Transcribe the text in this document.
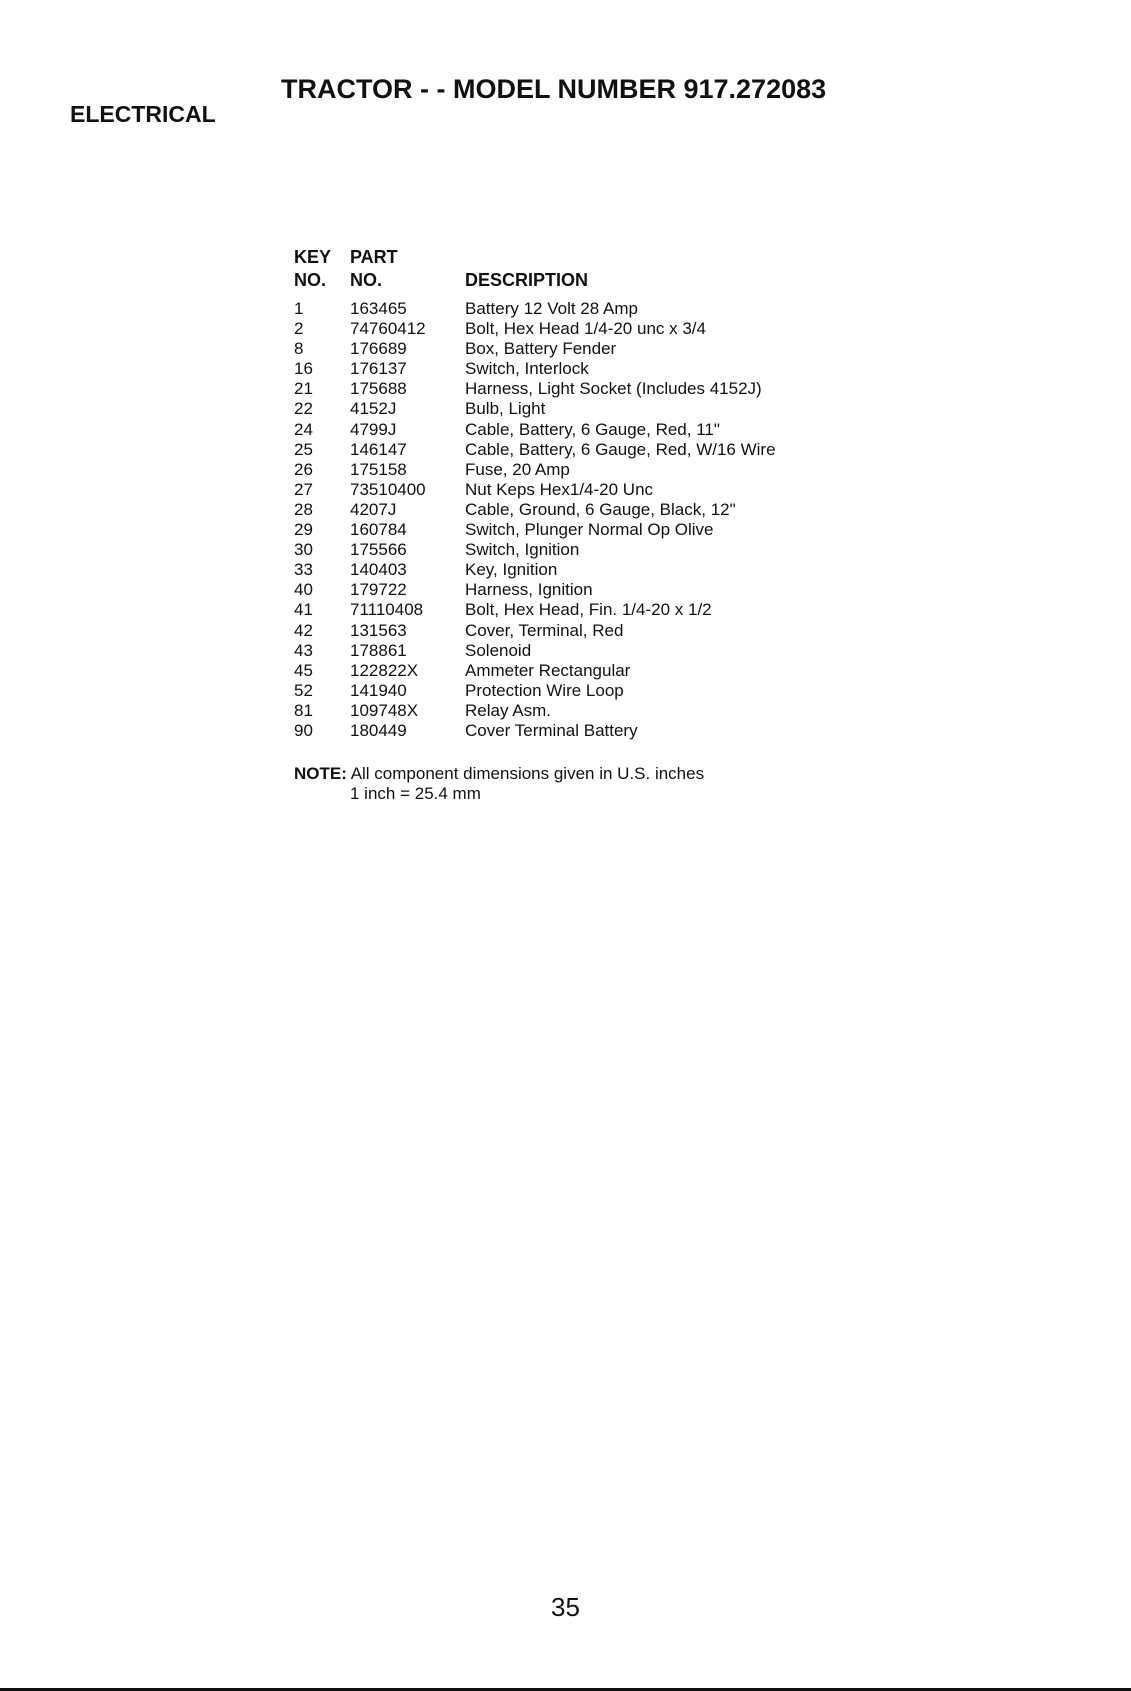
TRACTOR - - MODEL NUMBER 917.272083
ELECTRICAL
KEY	PART	
NO.	NO.	DESCRIPTION
1	163465	Battery 12 Volt 28 Amp
2	74760412	Bolt, Hex Head 1/4-20 unc x 3/4
8	176689	Box, Battery Fender
16	176137	Switch, Interlock
21	175688	Harness, Light Socket (Includes 4152J)
22	4152J	Bulb, Light
24	4799J	Cable, Battery, 6 Gauge, Red, 11"
25	146147	Cable, Battery, 6 Gauge, Red, W/16 Wire
26	175158	Fuse, 20 Amp
27	73510400	Nut Keps Hex1/4-20 Unc
28	4207J	Cable, Ground, 6 Gauge, Black, 12"
29	160784	Switch, Plunger Normal Op Olive
30	175566	Switch, Ignition
33	140403	Key, Ignition
40	179722	Harness, Ignition
41	71110408	Bolt, Hex Head, Fin. 1/4-20 x 1/2
42	131563	Cover, Terminal, Red
43	178861	Solenoid
45	122822X	Ammeter Rectangular
52	141940	Protection Wire Loop
81	109748X	Relay Asm.
90	180449	Cover Terminal Battery
NOTE: All component dimensions given in U.S. inches
1 inch = 25.4 mm
35
